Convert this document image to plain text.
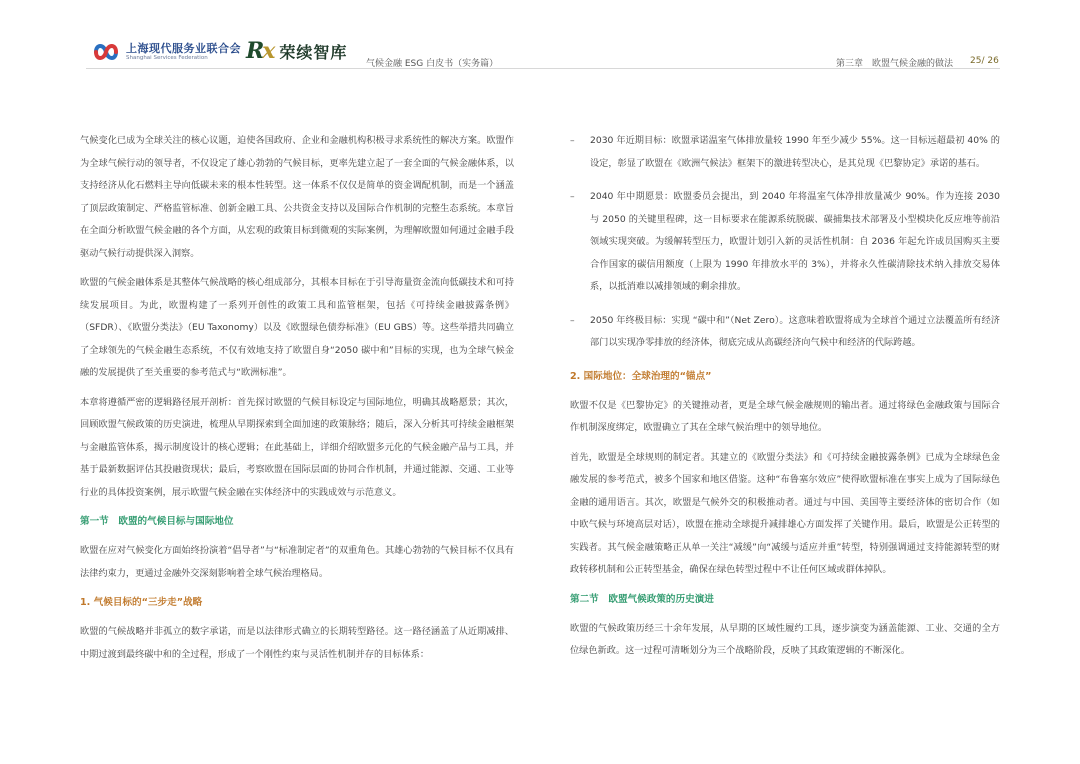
上海现代服务业联合会
Shanghai Services Federation	Rx 荣续智库
气候金融 ESG 白皮书（实务篇）	第三章　欧盟气候金融的做法 25/ 26

气候变化已成为全球关注的核心议题，迫使各国政府、企业和金融机构积极寻求系统性的解决方案。欧盟作为全球气候行动的领导者，不仅设定了雄心勃勃的气候目标，更率先建立起了一套全面的气候金融体系，以支持经济从化石燃料主导向低碳未来的根本性转型。这一体系不仅仅是简单的资金调配机制，而是一个涵盖了顶层政策制定、严格监管标准、创新金融工具、公共资金支持以及国际合作机制的完整生态系统。本章旨在全面分析欧盟气候金融的各个方面，从宏观的政策目标到微观的实际案例，为理解欧盟如何通过金融手段驱动气候行动提供深入洞察。

欧盟的气候金融体系是其整体气候战略的核心组成部分，其根本目标在于引导海量资金流向低碳技术和可持续发展项目。为此，欧盟构建了一系列开创性的政策工具和监管框架，包括《可持续金融披露条例》（SFDR）、《欧盟分类法》（EU Taxonomy）以及《欧盟绿色债券标准》（EU GBS）等。这些举措共同确立了全球领先的气候金融生态系统，不仅有效地支持了欧盟自身“2050 碳中和”目标的实现，也为全球气候金融的发展提供了至关重要的参考范式与“欧洲标准”。

本章将遵循严密的逻辑路径展开剖析：首先探讨欧盟的气候目标设定与国际地位，明确其战略愿景；其次，回顾欧盟气候政策的历史演进，梳理从早期探索到全面加速的政策脉络；随后，深入分析其可持续金融框架与金融监管体系，揭示制度设计的核心逻辑；在此基础上，详细介绍欧盟多元化的气候金融产品与工具，并基于最新数据评估其投融资现状；最后，考察欧盟在国际层面的协同合作机制，并通过能源、交通、工业等行业的具体投资案例，展示欧盟气候金融在实体经济中的实践成效与示范意义。

第一节　欧盟的气候目标与国际地位

欧盟在应对气候变化方面始终扮演着“倡导者”与“标准制定者”的双重角色。其雄心勃勃的气候目标不仅具有法律约束力，更通过金融外交深刻影响着全球气候治理格局。

1. 气候目标的“三步走”战略

欧盟的气候战略并非孤立的数字承诺，而是以法律形式确立的长期转型路径。这一路径涵盖了从近期减排、中期过渡到最终碳中和的全过程，形成了一个刚性约束与灵活性机制并存的目标体系：

– 2030 年近期目标：欧盟承诺温室气体排放量较 1990 年至少减少 55%。这一目标远超最初 40% 的设定，彰显了欧盟在《欧洲气候法》框架下的激进转型决心，是其兑现《巴黎协定》承诺的基石。
– 2040 年中期愿景：欧盟委员会提出，到 2040 年将温室气体净排放量减少 90%。作为连接 2030 与 2050 的关键里程碑，这一目标要求在能源系统脱碳、碳捕集技术部署及小型模块化反应堆等前沿领域实现突破。为缓解转型压力，欧盟计划引入新的灵活性机制：自 2036 年起允许成员国购买主要合作国家的碳信用额度（上限为 1990 年排放水平的 3%），并将永久性碳清除技术纳入排放交易体系，以抵消难以减排领域的剩余排放。
– 2050 年终极目标：实现 “碳中和”（Net Zero）。这意味着欧盟将成为全球首个通过立法覆盖所有经济部门以实现净零排放的经济体，彻底完成从高碳经济向气候中和经济的代际跨越。
2. 国际地位：全球治理的“锚点”

欧盟不仅是《巴黎协定》的关键推动者，更是全球气候金融规则的输出者。通过将绿色金融政策与国际合作机制深度绑定，欧盟确立了其在全球气候治理中的领导地位。

首先，欧盟是全球规则的制定者。其建立的《欧盟分类法》和《可持续金融披露条例》已成为全球绿色金融发展的参考范式，被多个国家和地区借鉴。这种“布鲁塞尔效应”使得欧盟标准在事实上成为了国际绿色金融的通用语言。其次，欧盟是气候外交的积极推动者。通过与中国、美国等主要经济体的密切合作（如中欧气候与环境高层对话），欧盟在推动全球提升减排雄心方面发挥了关键作用。最后，欧盟是公正转型的实践者。其气候金融策略正从单一关注“减缓”向“减缓与适应并重”转型，特别强调通过支持能源转型的财政转移机制和公正转型基金，确保在绿色转型过程中不让任何区域或群体掉队。

第二节　欧盟气候政策的历史演进

欧盟的气候政策历经三十余年发展，从早期的区域性履约工具，逐步演变为涵盖能源、工业、交通的全方位绿色新政。这一过程可清晰划分为三个战略阶段，反映了其政策逻辑的不断深化。
